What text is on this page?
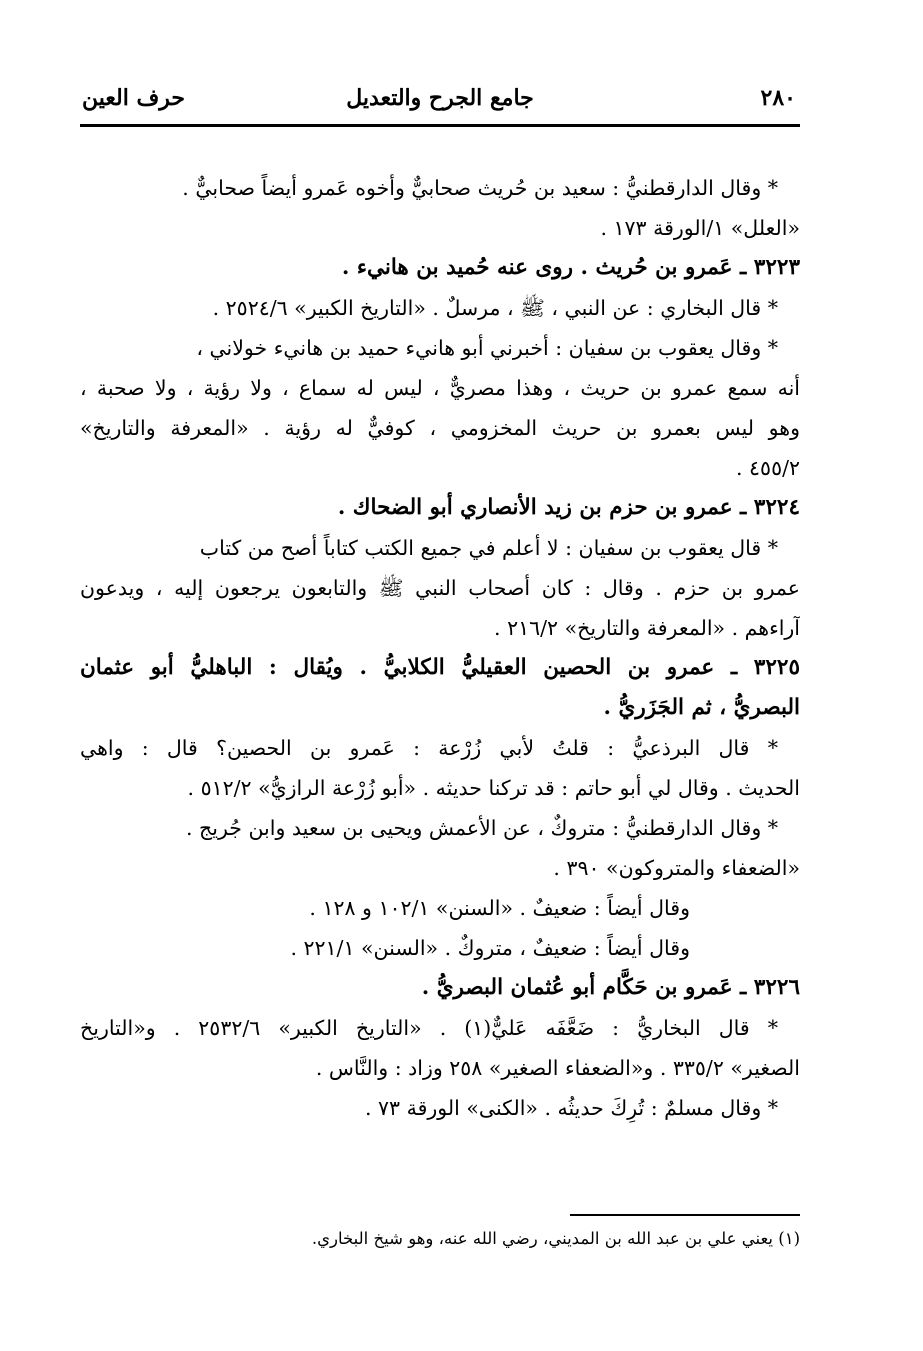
٢٨٠
جامع الجرح والتعديل
حرف العين
* وقال الدارقطنيُّ : سعيد بن حُريث صحابيٌّ وأخوه عَمرو أيضاً صحابيٌّ .
«العلل» ١/الورقة ١٧٣ .
٣٢٢٣ ـ عَمرو بن حُريث . روى عنه حُميد بن هانيء .
* قال البخاري : عن النبي ، ﷺ ، مرسلٌ . «التاريخ الكبير» ٢٥٢٤/٦ .
* وقال يعقوب بن سفيان : أخبرني أبو هانيء حميد بن هانيء خولاني ،
أنه سمع عمرو بن حريث ، وهذا مصريٌّ ، ليس له سماع ، ولا رؤية ، ولا صحبة ،
وهو ليس بعمرو بن حريث المخزومي ، كوفيٌّ له رؤية . «المعرفة والتاريخ»
٤٥٥/٢ .
٣٢٢٤ ـ عمرو بن حزم بن زيد الأنصاري أبو الضحاك .
* قال يعقوب بن سفيان : لا أعلم في جميع الكتب كتاباً أصح من كتاب
عمرو بن حزم . وقال : كان أصحاب النبي ﷺ والتابعون يرجعون إليه ، ويدعون
آراءهم . «المعرفة والتاريخ» ٢١٦/٢ .
٣٢٢٥ ـ عمرو بن الحصين العقيليُّ الكلابيُّ . ويُقال : الباهليُّ أبو عثمان
البصريُّ ، ثم الجَزَريُّ .
* قال البرذعيُّ : قلتُ لأبي زُرْعة : عَمرو بن الحصين؟ قال : واهي
الحديث . وقال لي أبو حاتم : قد تركنا حديثه . «أبو زُرْعة الرازيُّ» ٥١٢/٢ .
* وقال الدارقطنيُّ : متروكٌ ، عن الأعمش ويحيى بن سعيد وابن جُريج .
«الضعفاء والمتروكون» ٣٩٠ .
وقال أيضاً : ضعيفٌ . «السنن» ١٠٢/١ و ١٢٨ .
وقال أيضاً : ضعيفٌ ، متروكٌ . «السنن» ٢٢١/١ .
٣٢٢٦ ـ عَمرو بن حَكَّام أبو عُثمان البصريُّ .
* قال البخاريُّ : ضَعَّفَه عَليٌّ(١) . «التاريخ الكبير» ٢٥٣٢/٦ . و«التاريخ
الصغير» ٣٣٥/٢ . و«الضعفاء الصغير» ٢٥٨ وزاد : والنَّاس .
* وقال مسلمٌ : تُرِكَ حديثُه . «الكنى» الورقة ٧٣ .
(١) يعني علي بن عبد الله بن المديني، رضي الله عنه، وهو شيخ البخاري.
